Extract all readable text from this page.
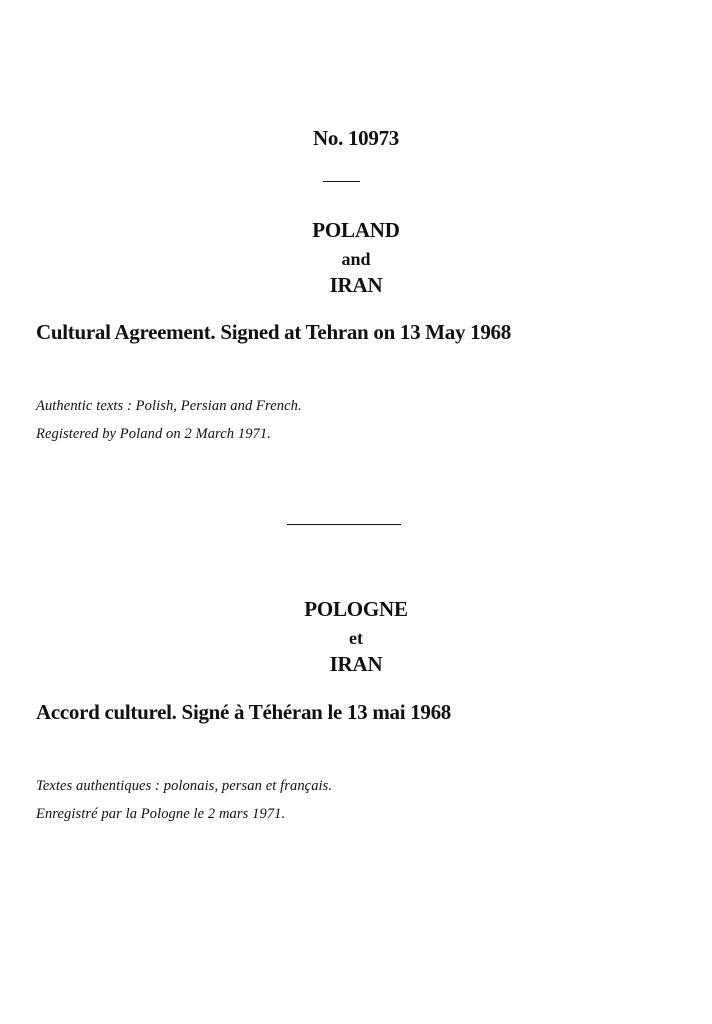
No. 10973
POLAND
and
IRAN
Cultural Agreement. Signed at Tehran on 13 May 1968
Authentic texts : Polish, Persian and French.
Registered by Poland on 2 March 1971.
POLOGNE
et
IRAN
Accord culturel. Signé à Téhéran le 13 mai 1968
Textes authentiques : polonais, persan et français.
Enregistré par la Pologne le 2 mars 1971.
